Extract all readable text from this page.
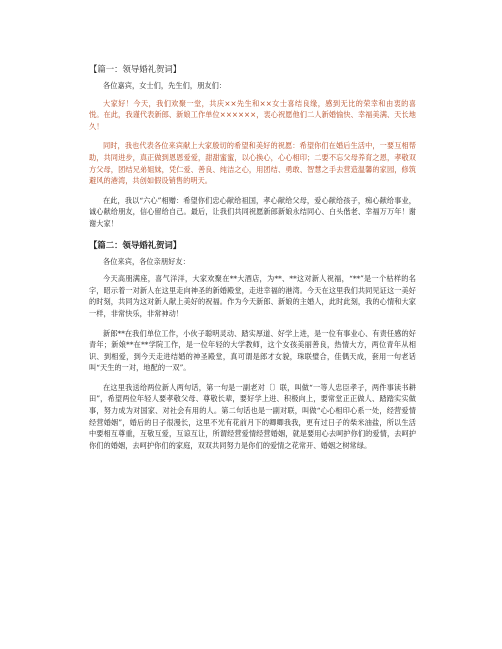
【篇一：领导婚礼贺词】

各位嘉宾，女士们，先生们，朋友们：

大家好！今天，我们欢聚一堂，共庆××先生和××女士喜结良缘，感到无比的荣幸和由衷的喜悦。在此，我谨代表新郎、新娘工作单位××××××，衷心祝愿他们二人新婚愉快、幸福美满、天长地久！

同时，我也代表各位来宾献上大家殷切的希望和美好的祝愿：希望你们在婚后生活中，一要互相帮助，共同进步，真正做到恩恩爱爱，甜甜蜜蜜，以心换心，心心相印；二要不忘父母养育之恩，孝敬双方父母，团结兄弟姐妹，凭仁爱、善良、纯洁之心，用团结、勇敢、智慧之手去营造温馨的家园，修筑避风的港湾，共创如假设销售的明天。

在此，我以“六心”相赠：希望你们忠心献给祖国，孝心献给父母，爱心献给孩子，痴心献给事业，诚心献给朋友，信心留给自己。最后，让我们共同祝愿新郎新娘永结同心、白头偕老、幸福万万年！谢谢大家！

【篇二：领导婚礼贺词】

各位来宾，各位亲朋好友：

今天高朋满座，喜气洋洋，大家欢聚在**大酒店，为**、**这对新人祝福，“**”是一个枯样的名字，昭示着一对新人在这里走向神圣的新婚殿堂，走进幸福的港湾。今天在这里我们共同见证这一美好的时刻，共同为这对新人献上美好的祝福。作为今天新郎、新娘的主婚人，此时此刻，我的心情和大家一样，非常快乐，非常神动！

新郎**在我们单位工作，小伙子聪明灵动、踏实厚道、好学上进，是一位有事业心、有责任感的好青年；新娘**在**学院工作，是一位年轻的大学教师，这个女孩美丽善良，热情大方，两位青年从相识、到相爱，到今天走进结婚的神圣殿堂，真可谓是郎才女貌，珠联璧合，佳偶天成，套用一句老话叫“天生的一对，地配的一双”。

在这里我送给两位新人两句话，第一句是一副老对〔〕联，叫做“一等人忠臣孝子，两件事读书耕田”，希望两位年轻人要孝敬父母、尊敬长辈，要好学上进、积极向上，要常堂正正做人、踏踏实实做事，努力成为对国家、对社会有用的人。第二句话也是一副对联，叫做“心心相印心系一处，经营爱情经营婚姻”，婚后的日子很漫长，这里不光有花前月下的卿卿我我，更有过日子的柴米油盐，所以生活中要相互尊重，互敬互爱，互谅互让，所谓经营爱情经营婚姻，就是要用心去呵护你们的爱情，去呵护你们的婚姻，去呵护你们的家庭，双双共同努力是你们的爱情之花常开、婚姻之树常绿。
